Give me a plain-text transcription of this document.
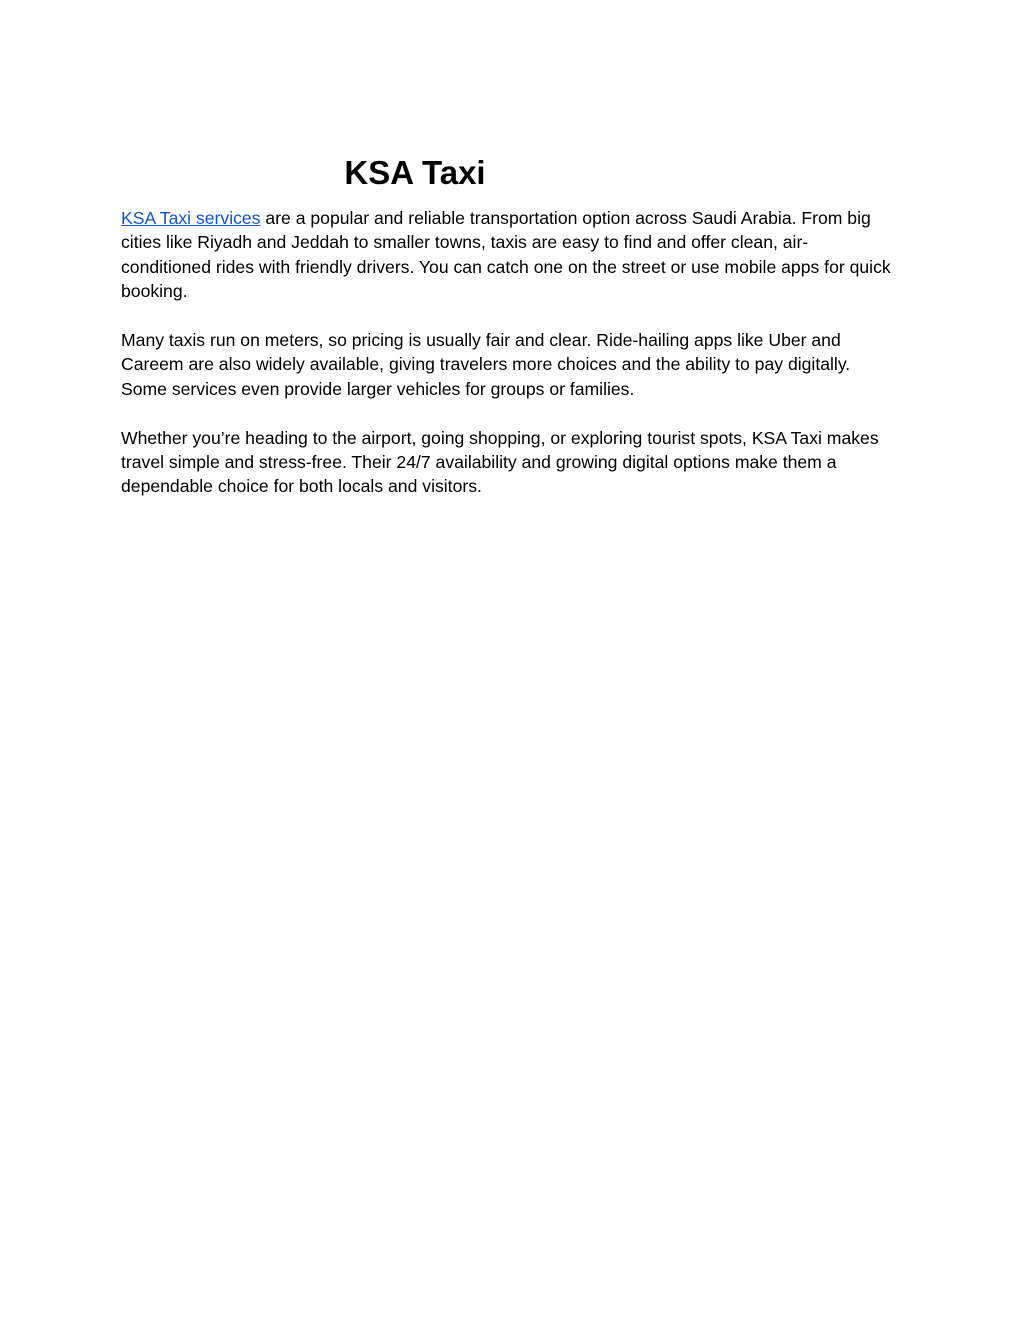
KSA Taxi

KSA Taxi services are a popular and reliable transportation option across Saudi Arabia. From big cities like Riyadh and Jeddah to smaller towns, taxis are easy to find and offer clean, air-conditioned rides with friendly drivers. You can catch one on the street or use mobile apps for quick booking.

Many taxis run on meters, so pricing is usually fair and clear. Ride-hailing apps like Uber and Careem are also widely available, giving travelers more choices and the ability to pay digitally. Some services even provide larger vehicles for groups or families.

Whether you’re heading to the airport, going shopping, or exploring tourist spots, KSA Taxi makes travel simple and stress-free. Their 24/7 availability and growing digital options make them a dependable choice for both locals and visitors.
